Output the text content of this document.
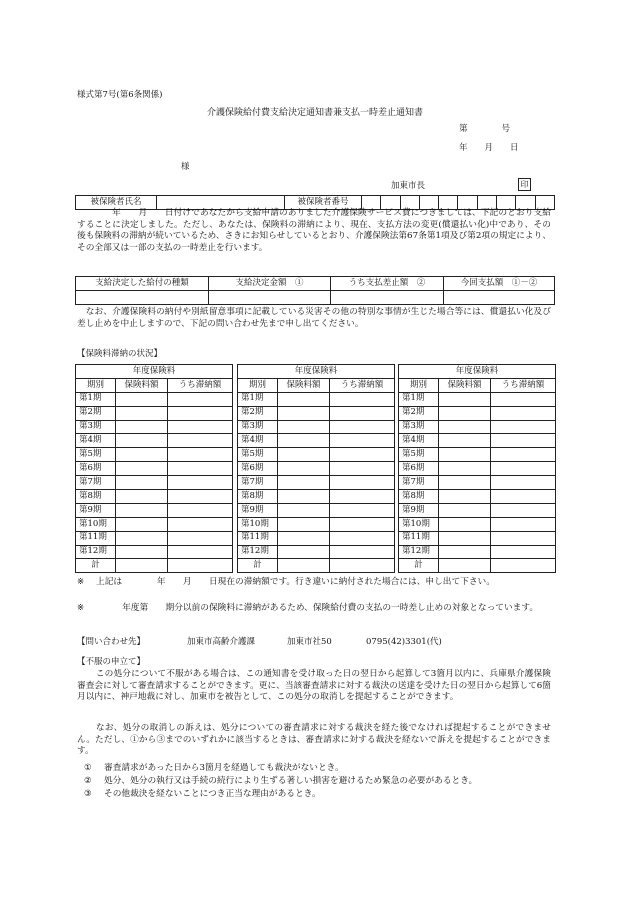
様式第7号(第6条関係)
介護保険給付費支給決定通知書兼支払一時差止通知書
第　　　　号
年　　月　　日
様
加東市長	印
被保険者氏名		被保険者番号										
　　　　年　　月　　日付けであなたから支給申請のありました介護保険サービス費につきましては、下記のとおり支給することに決定しました。ただし、あなたは、保険料の滞納により、現在、支払方法の変更(償還払い化)中であり、その後も保険料の滞納が続いているため、さきにお知らせしているとおり、介護保険法第67条第1項及び第2項の規定により、その全部又は一部の支払の一時差止を行います。
支給決定した給付の種類	支給決定金額　①	うち支払差止額　②	今回支払額　①－②

　なお、介護保険料の納付や別紙留意事項に記載している災害その他の特別な事情が生じた場合等には、償還払い化及び差し止めを中止しますので、下記の問い合わせ先まで申し出てください。
【保険料滞納の状況】
年度保険料		
期別	保険料額	うち滞納額
第1期		
第2期		
第3期		
第4期		
第5期		
第6期		
第7期		
第8期		
第9期		
第10期		
第11期		
第12期		
計		
年度保険料		
期別	保険料額	うち滞納額
第1期		
第2期		
第3期		
第4期		
第5期		
第6期		
第7期		
第8期		
第9期		
第10期		
第11期		
第12期		
計		
年度保険料		
期別	保険料額	うち滞納額
第1期		
第2期		
第3期		
第4期		
第5期		
第6期		
第7期		
第8期		
第9期		
第10期		
第11期		
第12期		
計		
※ 上記は　　　　年　　月　　日現在の滞納額です。行き違いに納付された場合には、申し出て下さい。
※ 　　　年度第　　期分以前の保険料に滞納があるため、保険給付費の支払の一時差し止めの対象となっています。
【問い合わせ先】	加東市高齢介護課	加東市社50	0795(42)3301(代)
【不服の申立て】
　この処分について不服がある場合は、この通知書を受け取った日の翌日から起算して3箇月以内に、兵庫県介護保険審査会に対して審査請求することができます。更に、当該審査請求に対する裁決の送達を受けた日の翌日から起算して6箇月以内に、神戸地裁に対し、加東市を被告として、この処分の取消しを提起することができます。
　なお、処分の取消しの訴えは、処分についての審査請求に対する裁決を経た後でなければ提起することができません。ただし、①から③までのいずれかに該当するときは、審査請求に対する裁決を経ないで訴えを提起することができます。
① 審査請求があった日から3箇月を経過しても裁決がないとき。
② 処分、処分の執行又は手続の続行により生ずる著しい損害を避けるため緊急の必要があるとき。
③ その他裁決を経ないことにつき正当な理由があるとき。
